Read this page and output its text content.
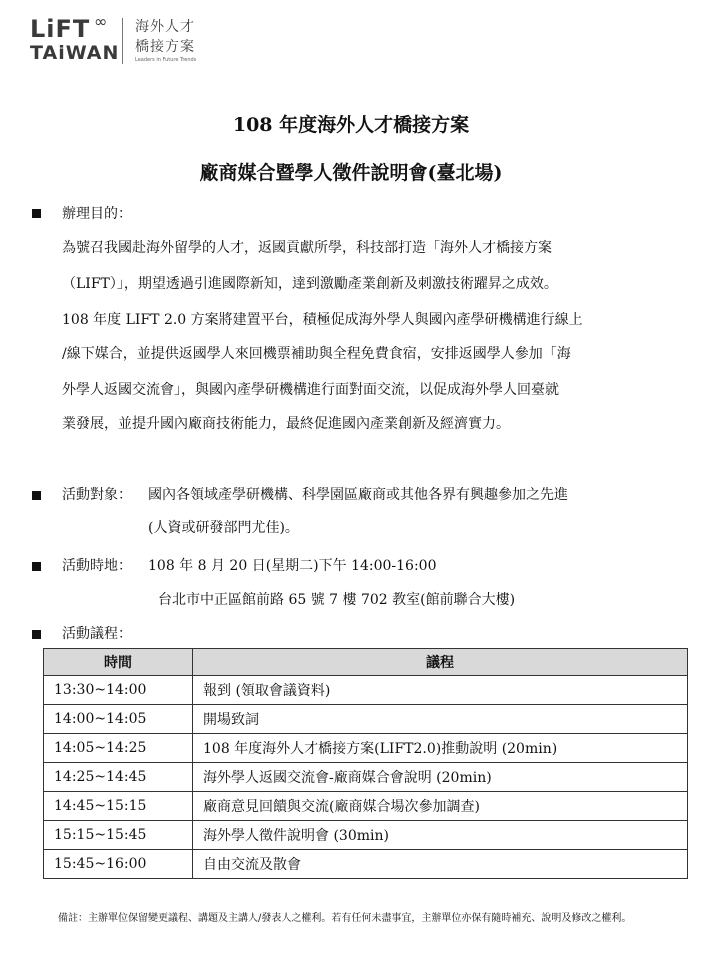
LiFT ∞
TAiWAN
海外人才
橋接方案
Leaders in Future Trends
108 年度海外人才橋接方案
廠商媒合暨學人徵件說明會(臺北場)
辦理目的：
為號召我國赴海外留學的人才，返國貢獻所學，科技部打造「海外人才橋接方案
（LIFT）」，期望透過引進國際新知，達到激勵產業創新及刺激技術躍昇之成效。
108 年度 LIFT 2.0 方案將建置平台，積極促成海外學人與國內產學研機構進行線上
/線下媒合，並提供返國學人來回機票補助與全程免費食宿，安排返國學人參加「海
外學人返國交流會」，與國內產學研機構進行面對面交流，以促成海外學人回臺就
業發展，並提升國內廠商技術能力，最終促進國內產業創新及經濟實力。
活動對象： 國內各領域產學研機構、科學園區廠商或其他各界有興趣參加之先進
(人資或研發部門尤佳)。
活動時地： 108 年 8 月 20 日(星期二)下午 14:00-16:00
台北市中正區館前路 65 號 7 樓 702 教室(館前聯合大樓)
活動議程：
時間	議程
13:30~14:00	報到 (領取會議資料)
14:00~14:05	開場致詞
14:05~14:25	108 年度海外人才橋接方案(LIFT2.0)推動說明 (20min)
14:25~14:45	海外學人返國交流會-廠商媒合會說明 (20min)
14:45~15:15	廠商意見回饋與交流(廠商媒合場次參加調查)
15:15~15:45	海外學人徵件說明會 (30min)
15:45~16:00	自由交流及散會
備註：主辦單位保留變更議程、講題及主講人/發表人之權利。若有任何未盡事宜，主辦單位亦保有隨時補充、說明及修改之權利。
